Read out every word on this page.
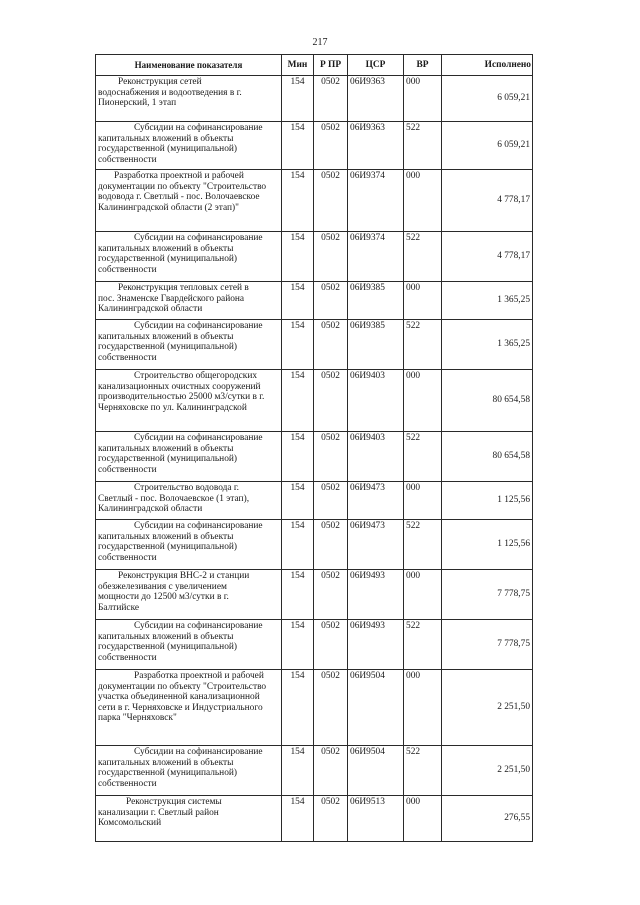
217
Наименование показателя	Мин	Р ПР	ЦСР	ВР	Исполнено

Реконструкция сетей
водоснабжения и водоотведения в г.
Пионерский, 1 этап	154	0502	06И9363	000	6 059,21

Субсидии на софинансирование
капитальных вложений в объекты
государственной (муниципальной)
собственности	154	0502	06И9363	522	6 059,21

Разработка проектной и рабочей
документации по объекту "Строительство
водовода г. Светлый - пос. Волочаевское
Калининградской области (2 этап)"	154	0502	06И9374	000	4 778,17

Субсидии на софинансирование
капитальных вложений в объекты
государственной (муниципальной)
собственности	154	0502	06И9374	522	4 778,17

Реконструкция тепловых сетей в
пос. Знаменске Гвардейского района
Калининградской области	154	0502	06И9385	000	1 365,25

Субсидии на софинансирование
капитальных вложений в объекты
государственной (муниципальной)
собственности	154	0502	06И9385	522	1 365,25

Строительство общегородских
канализационных очистных сооружений
производительностью 25000 м3/сутки в г.
Черняховске по ул. Калининградской	154	0502	06И9403	000	80 654,58

Субсидии на софинансирование
капитальных вложений в объекты
государственной (муниципальной)
собственности	154	0502	06И9403	522	80 654,58

Строительство водовода г.
Светлый - пос. Волочаевское (1 этап),
Калининградской области	154	0502	06И9473	000	1 125,56

Субсидии на софинансирование
капитальных вложений в объекты
государственной (муниципальной)
собственности	154	0502	06И9473	522	1 125,56

Реконструкция ВНС-2 и станции
обезжелезивания с увеличением
мощности до 12500 м3/сутки в г.
Балтийске	154	0502	06И9493	000	7 778,75

Субсидии на софинансирование
капитальных вложений в объекты
государственной (муниципальной)
собственности	154	0502	06И9493	522	7 778,75

Разработка проектной и рабочей
документации по объекту "Строительство
участка объединенной канализационной
сети в г. Черняховске и Индустриального
парка "Черняховск"	154	0502	06И9504	000	2 251,50

Субсидии на софинансирование
капитальных вложений в объекты
государственной (муниципальной)
собственности	154	0502	06И9504	522	2 251,50

Реконструкция системы
канализации г. Светлый район
Комсомольский	154	0502	06И9513	000	276,55
